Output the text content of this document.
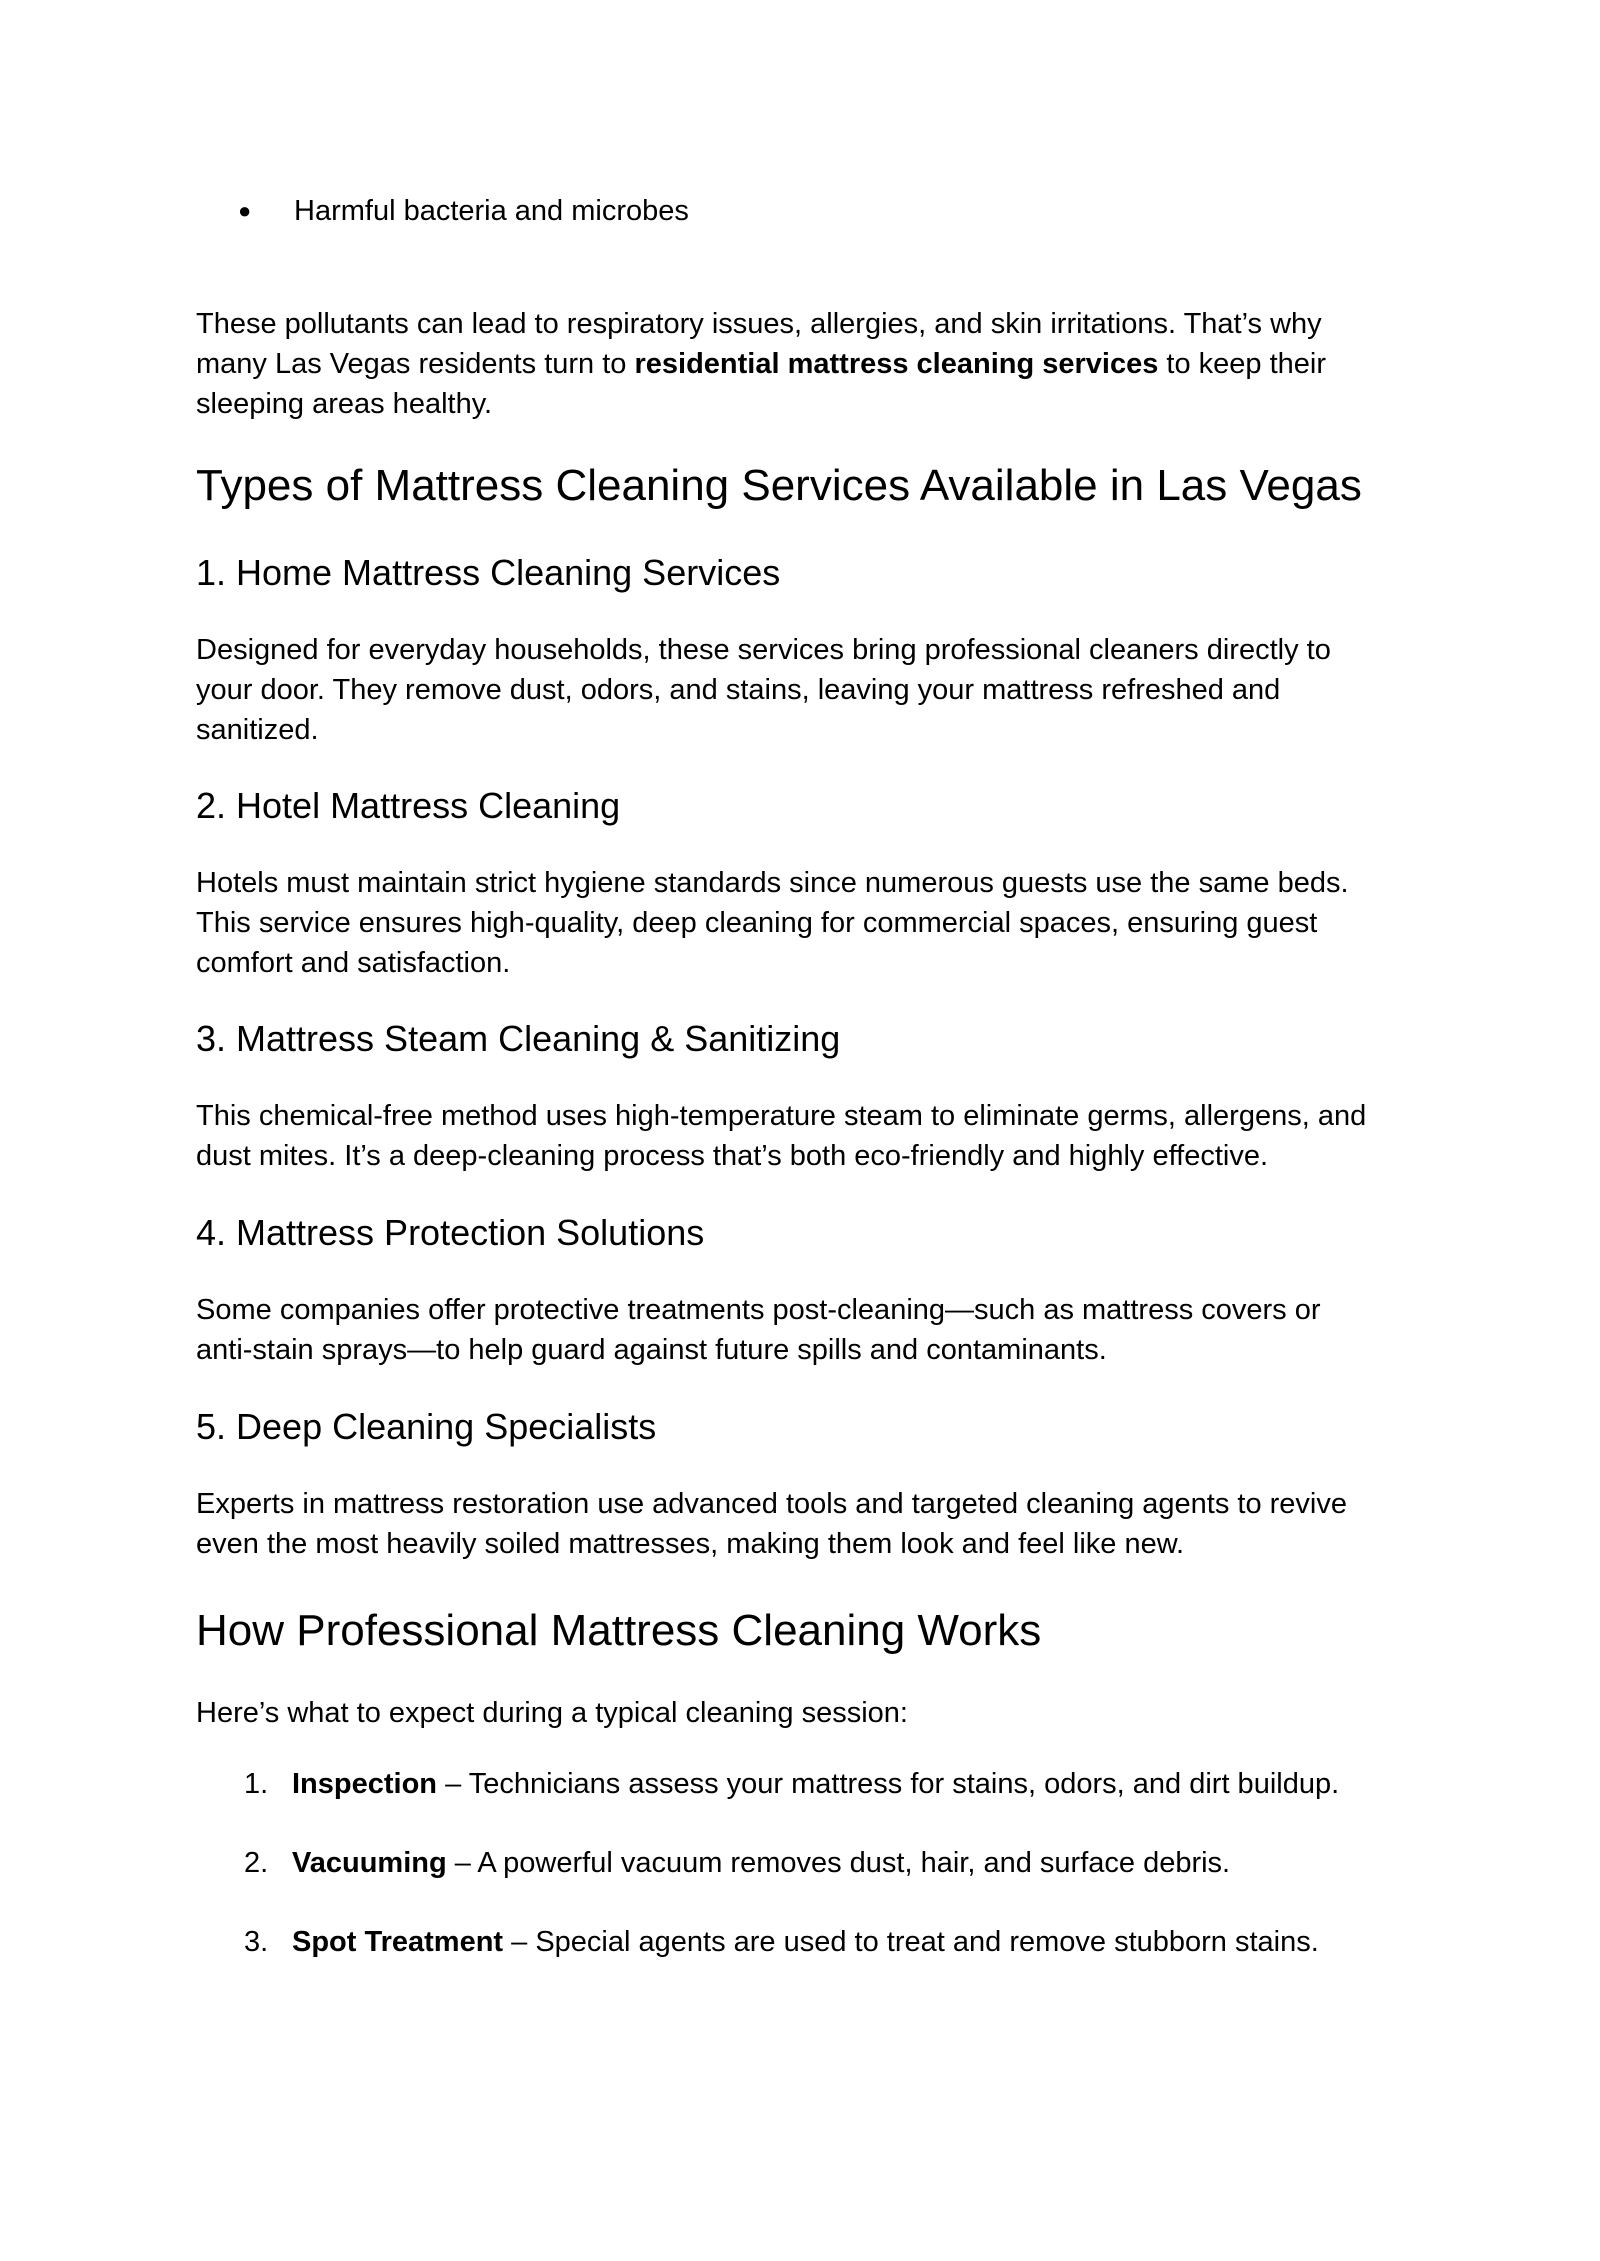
● Harmful bacteria and microbes

These pollutants can lead to respiratory issues, allergies, and skin irritations. That’s why
many Las Vegas residents turn to residential mattress cleaning services to keep their
sleeping areas healthy.

Types of Mattress Cleaning Services Available in Las Vegas
1. Home Mattress Cleaning Services

Designed for everyday households, these services bring professional cleaners directly to
your door. They remove dust, odors, and stains, leaving your mattress refreshed and
sanitized.

2. Hotel Mattress Cleaning

Hotels must maintain strict hygiene standards since numerous guests use the same beds.
This service ensures high-quality, deep cleaning for commercial spaces, ensuring guest
comfort and satisfaction.

3. Mattress Steam Cleaning & Sanitizing

This chemical-free method uses high-temperature steam to eliminate germs, allergens, and
dust mites. It’s a deep-cleaning process that’s both eco-friendly and highly effective.

4. Mattress Protection Solutions

Some companies offer protective treatments post-cleaning—such as mattress covers or
anti-stain sprays—to help guard against future spills and contaminants.

5. Deep Cleaning Specialists

Experts in mattress restoration use advanced tools and targeted cleaning agents to revive
even the most heavily soiled mattresses, making them look and feel like new.

How Professional Mattress Cleaning Works

Here’s what to expect during a typical cleaning session:

1. Inspection – Technicians assess your mattress for stains, odors, and dirt buildup.
2. Vacuuming – A powerful vacuum removes dust, hair, and surface debris.
3. Spot Treatment – Special agents are used to treat and remove stubborn stains.
